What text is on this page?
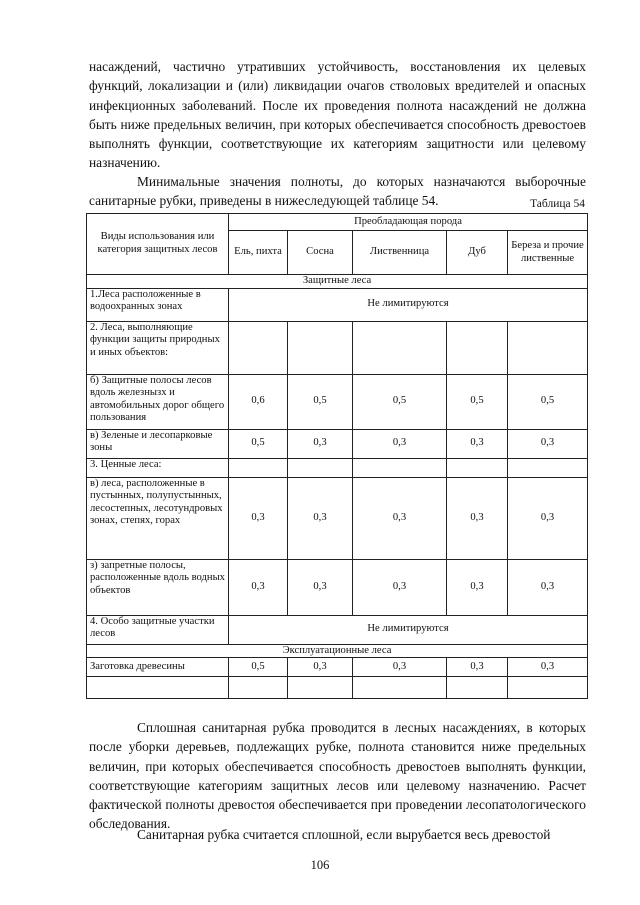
насаждений, частично утративших устойчивость, восстановления их целевых функций, локализации и (или) ликвидации очагов стволовых вредителей и опасных инфекционных заболеваний. После их проведения полнота насаждений не должна быть ниже предельных величин, при которых обеспечивается способность древостоев выполнять функции, соответствующие их категориям защитности или целевому назначению.

Минимальные значения полноты, до которых назначаются выборочные санитарные рубки, приведены в нижеследующей таблице 54.	Таблица 54
Виды использования или категория защитных лесов	Преобладающая порода				
	Ель, пихта	Сосна	Лиственница	Дуб	Береза и прочие лиственные
Защитные леса					
1.Леса расположенные в водоохранных зонах	Не лимитируются				
2. Леса, выполняющие функции защиты природных и иных объектов:					
б) Защитные полосы лесов вдоль железнызх и автомобильных дорог общего пользования	0,6	0,5	0,5	0,5	0,5
в) Зеленые и лесопарковые зоны	0,5	0,3	0,3	0,3	0,3
3. Ценные леса:					
в) леса, расположенные в пустынных, полупустынных, лесостепных, лесотундровых зонах, степях, горах	0,3	0,3	0,3	0,3	0,3
з) запретные полосы, расположенные вдоль водных объектов	0,3	0,3	0,3	0,3	0,3
4. Особо защитные участки лесов	Не лимитируются				
Эксплуатационные леса					
Заготовка древесины	0,5	0,3	0,3	0,3	0,3

Сплошная санитарная рубка проводится в лесных насаждениях, в которых после уборки деревьев, подлежащих рубке, полнота становится ниже предельных величин, при которых обеспечивается способность древостоев выполнять функции, соответствующие категориям защитных лесов или целевому назначению. Расчет фактической полноты древостоя обеспечивается при проведении лесопатологического обследования.

Санитарная рубка считается сплошной, если вырубается весь древостой

106
